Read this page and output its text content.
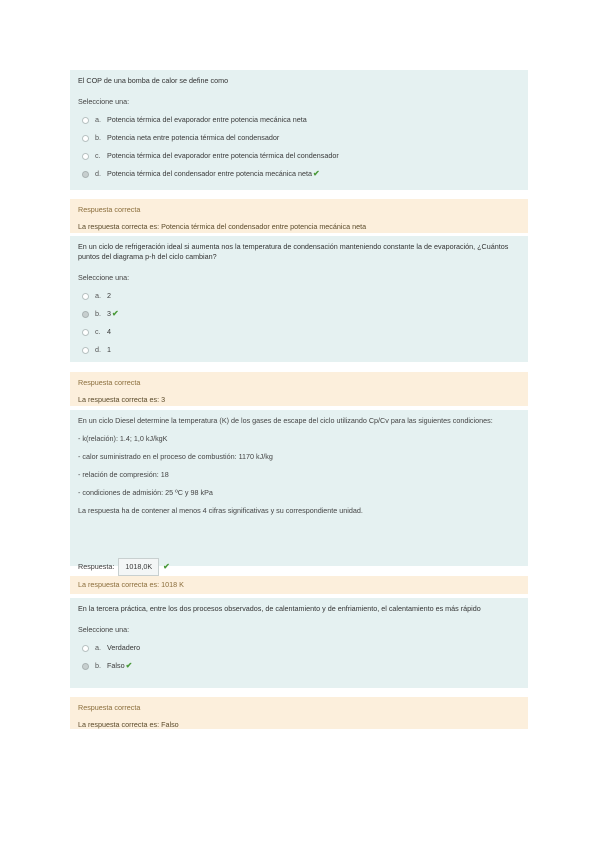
El COP de una bomba de calor se define como
Seleccione una:
a. Potencia térmica del evaporador entre potencia mecánica neta
b. Potencia neta entre potencia térmica del condensador
c. Potencia térmica del evaporador entre potencia térmica del condensador
d. Potencia térmica del condensador entre potencia mecánica neta ✔
Respuesta correcta
La respuesta correcta es: Potencia térmica del condensador entre potencia mecánica neta
En un ciclo de refrigeración ideal si aumenta nos la temperatura de condensación manteniendo constante la de evaporación, ¿Cuántos puntos del diagrama p-h del ciclo cambian?
Seleccione una:
a. 2
b. 3 ✔
c. 4
d. 1
Respuesta correcta
La respuesta correcta es: 3
En un ciclo Diesel determine la temperatura (K) de los gases de escape del ciclo utilizando Cp/Cv para las siguientes condiciones:
- k(relación): 1.4; 1,0 kJ/kgK
- calor suministrado en el proceso de combustión: 1170 kJ/kg
- relación de compresión: 18
- condiciones de admisión: 25 ºC y 98 kPa
La respuesta ha de contener al menos 4 cifras significativas y su correspondiente unidad.
Respuesta:	1018,0K	✔
La respuesta correcta es: 1018 K
En la tercera práctica, entre los dos procesos observados, de calentamiento y de enfriamiento, el calentamiento es más rápido
Seleccione una:
a. Verdadero
b. Falso ✔
Respuesta correcta
La respuesta correcta es: Falso
